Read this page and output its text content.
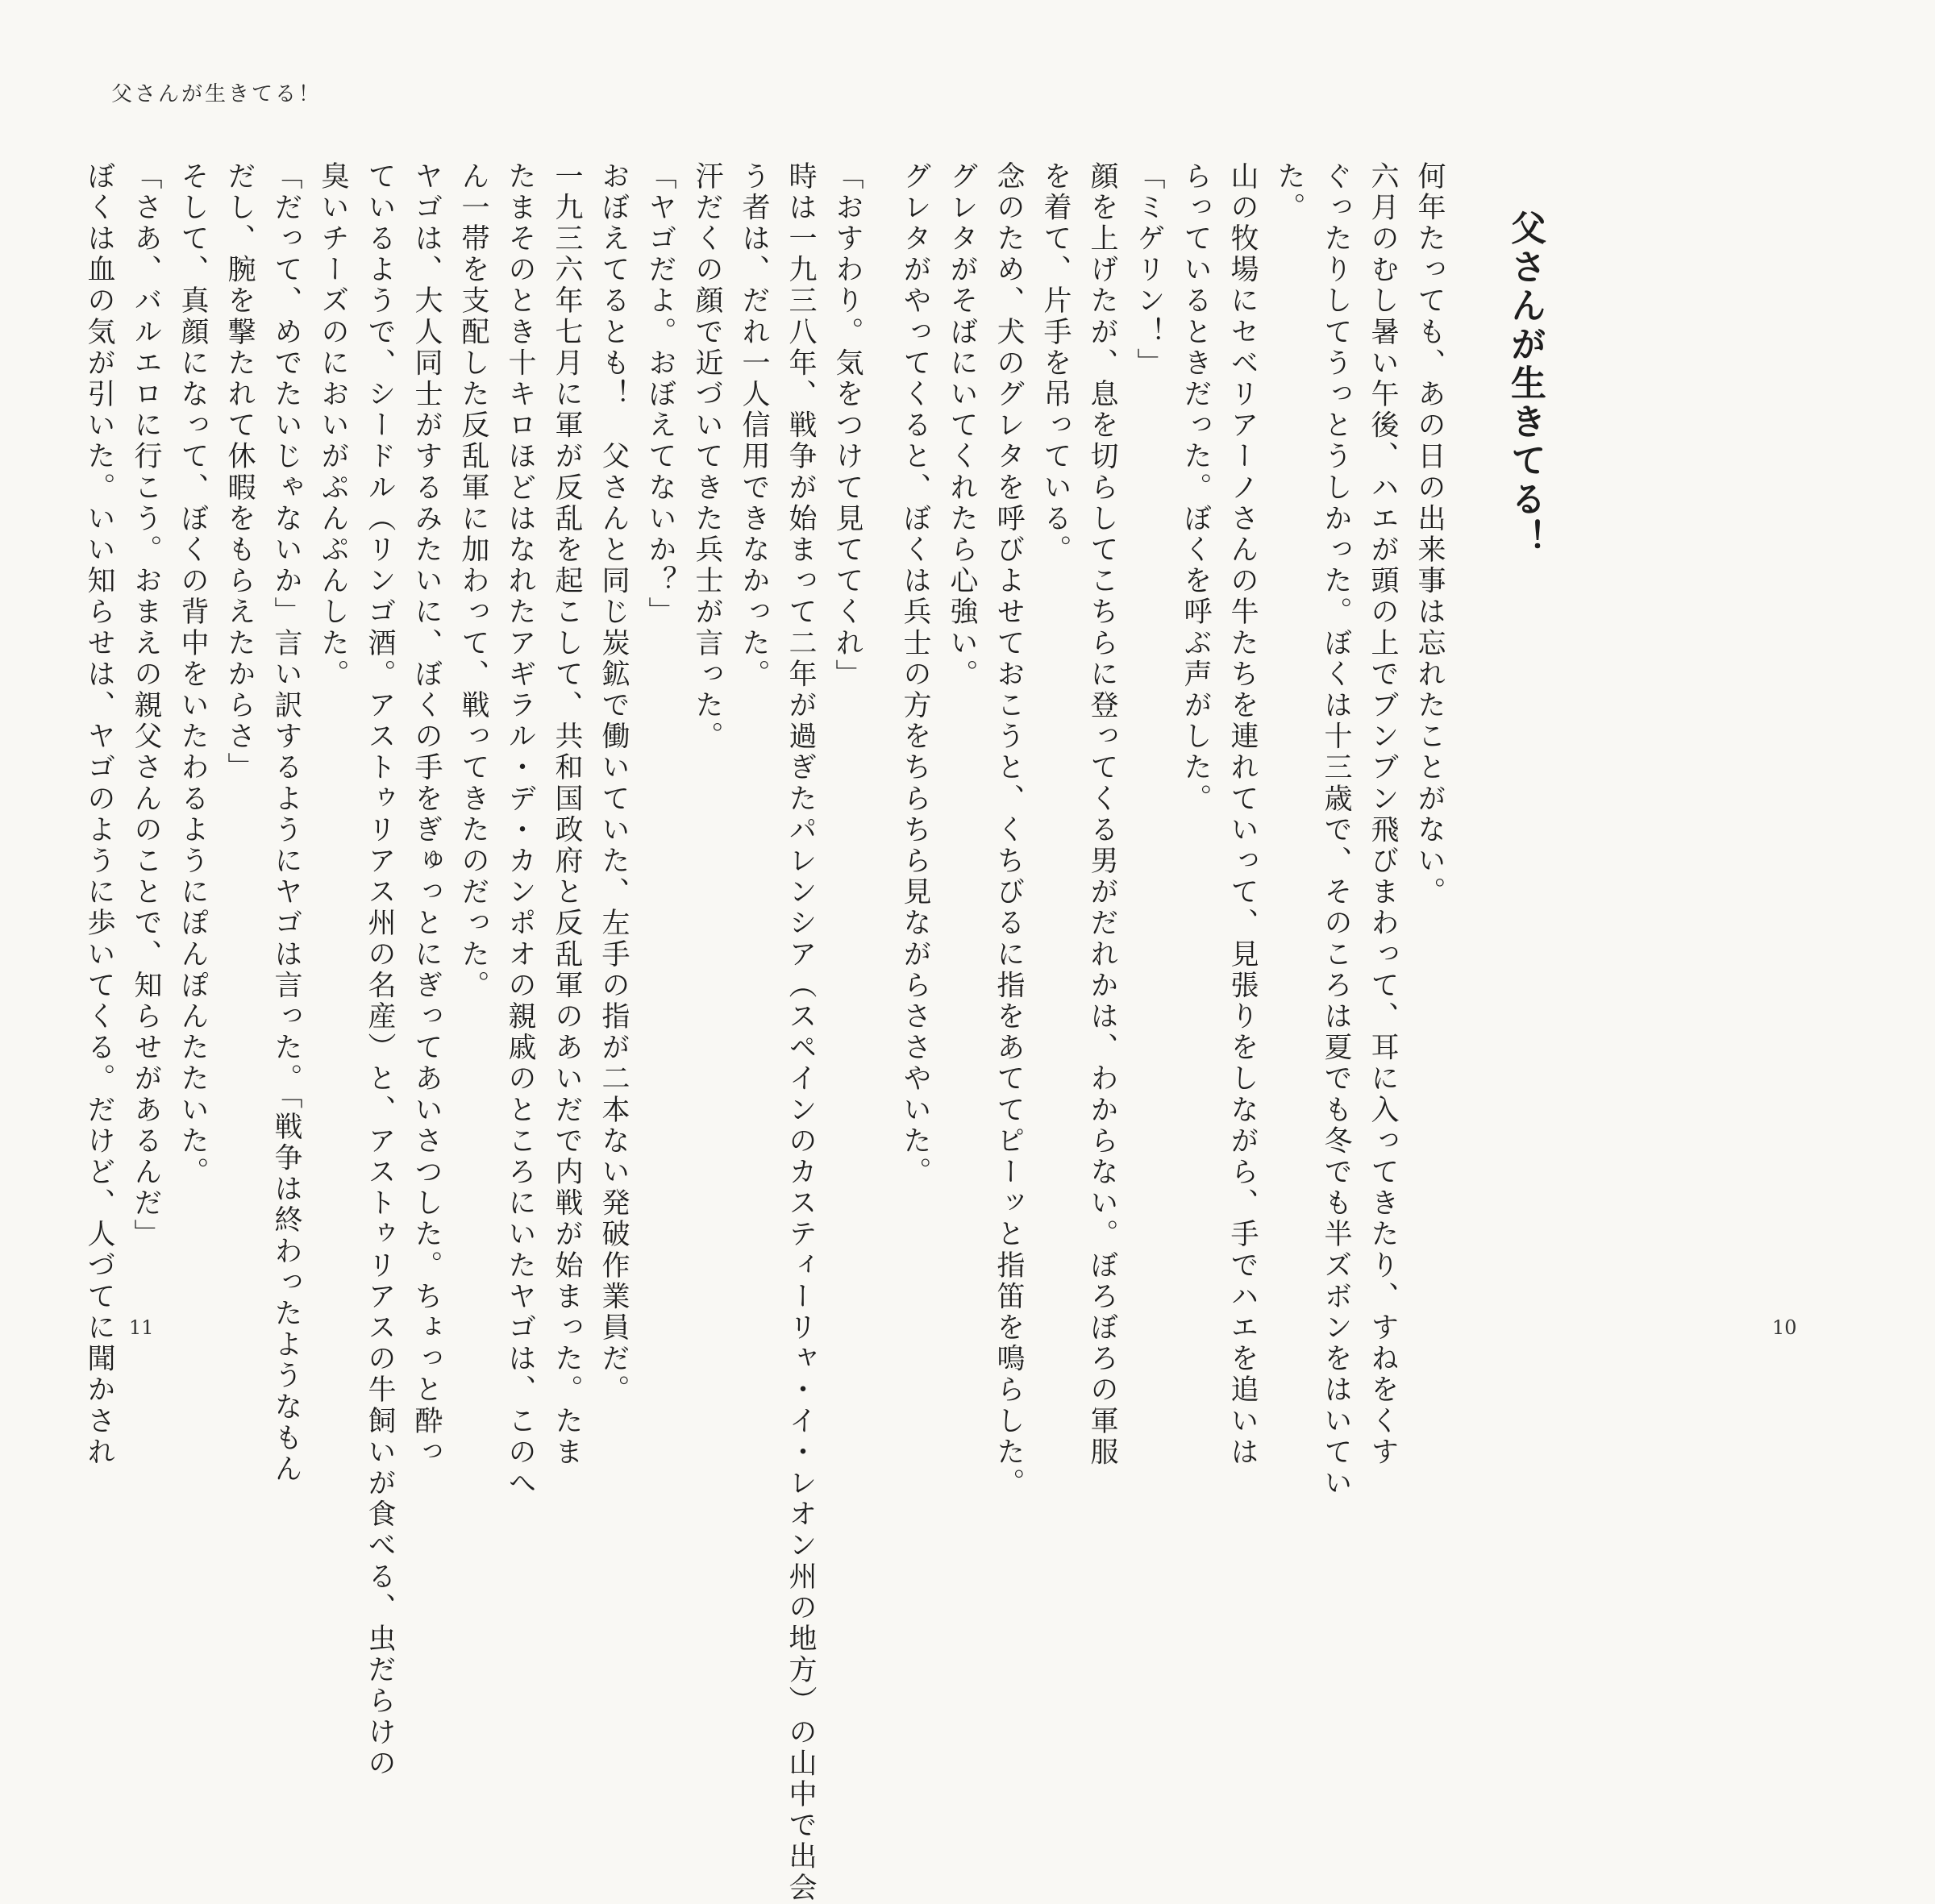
父さんが生きてる！
父さんが生きてる！
何年たっても、あの日の出来事は忘れたことがない。
六月のむし暑い午後、ハエが頭の上でブンブン飛びまわって、耳に入ってきたり、すねをくす
ぐったりしてうっとうしかった。ぼくは十三歳で、そのころは夏でも冬でも半ズボンをはいてい
た。
山の牧場にセベリアーノさんの牛たちを連れていって、見張りをしながら、手でハエを追いは
らっているときだった。ぼくを呼ぶ声がした。
「ミゲリン！」
顔を上げたが、息を切らしてこちらに登ってくる男がだれかは、わからない。ぼろぼろの軍服
を着て、片手を吊っている。
念のため、犬のグレタを呼びよせておこうと、くちびるに指をあててピーッと指笛を鳴らした。
グレタがそばにいてくれたら心強い。
グレタがやってくると、ぼくは兵士の方をちらちら見ながらささやいた。
「おすわり。気をつけて見ててくれ」
時は一九三八年、戦争が始まって二年が過ぎたパレンシア（スペインのカスティーリャ・イ・レオン州の地方）の山中で出会
う者は、だれ一人信用できなかった。
汗だくの顔で近づいてきた兵士が言った。
「ヤゴだよ。おぼえてないか？」
おぼえてるとも！　父さんと同じ炭鉱で働いていた、左手の指が二本ない発破作業員だ。
一九三六年七月に軍が反乱を起こして、共和国政府と反乱軍のあいだで内戦が始まった。たま
たまそのとき十キロほどはなれたアギラル・デ・カンポオの親戚のところにいたヤゴは、このへ
ん一帯を支配した反乱軍に加わって、戦ってきたのだった。
ヤゴは、大人同士がするみたいに、ぼくの手をぎゅっとにぎってあいさつした。ちょっと酔っ
ているようで、シードル（リンゴ酒。アストゥリアス州の名産）と、アストゥリアスの牛飼いが食べる、虫だらけの
臭いチーズのにおいがぷんぷんした。
「だって、めでたいじゃないか」言い訳するようにヤゴは言った。「戦争は終わったようなもん
だし、腕を撃たれて休暇をもらえたからさ」
そして、真顔になって、ぼくの背中をいたわるようにぽんぽんたたいた。
「さあ、バルエロに行こう。おまえの親父さんのことで、知らせがあるんだ」
ぼくは血の気が引いた。いい知らせは、ヤゴのように歩いてくる。だけど、人づてに聞かされ 11	10
